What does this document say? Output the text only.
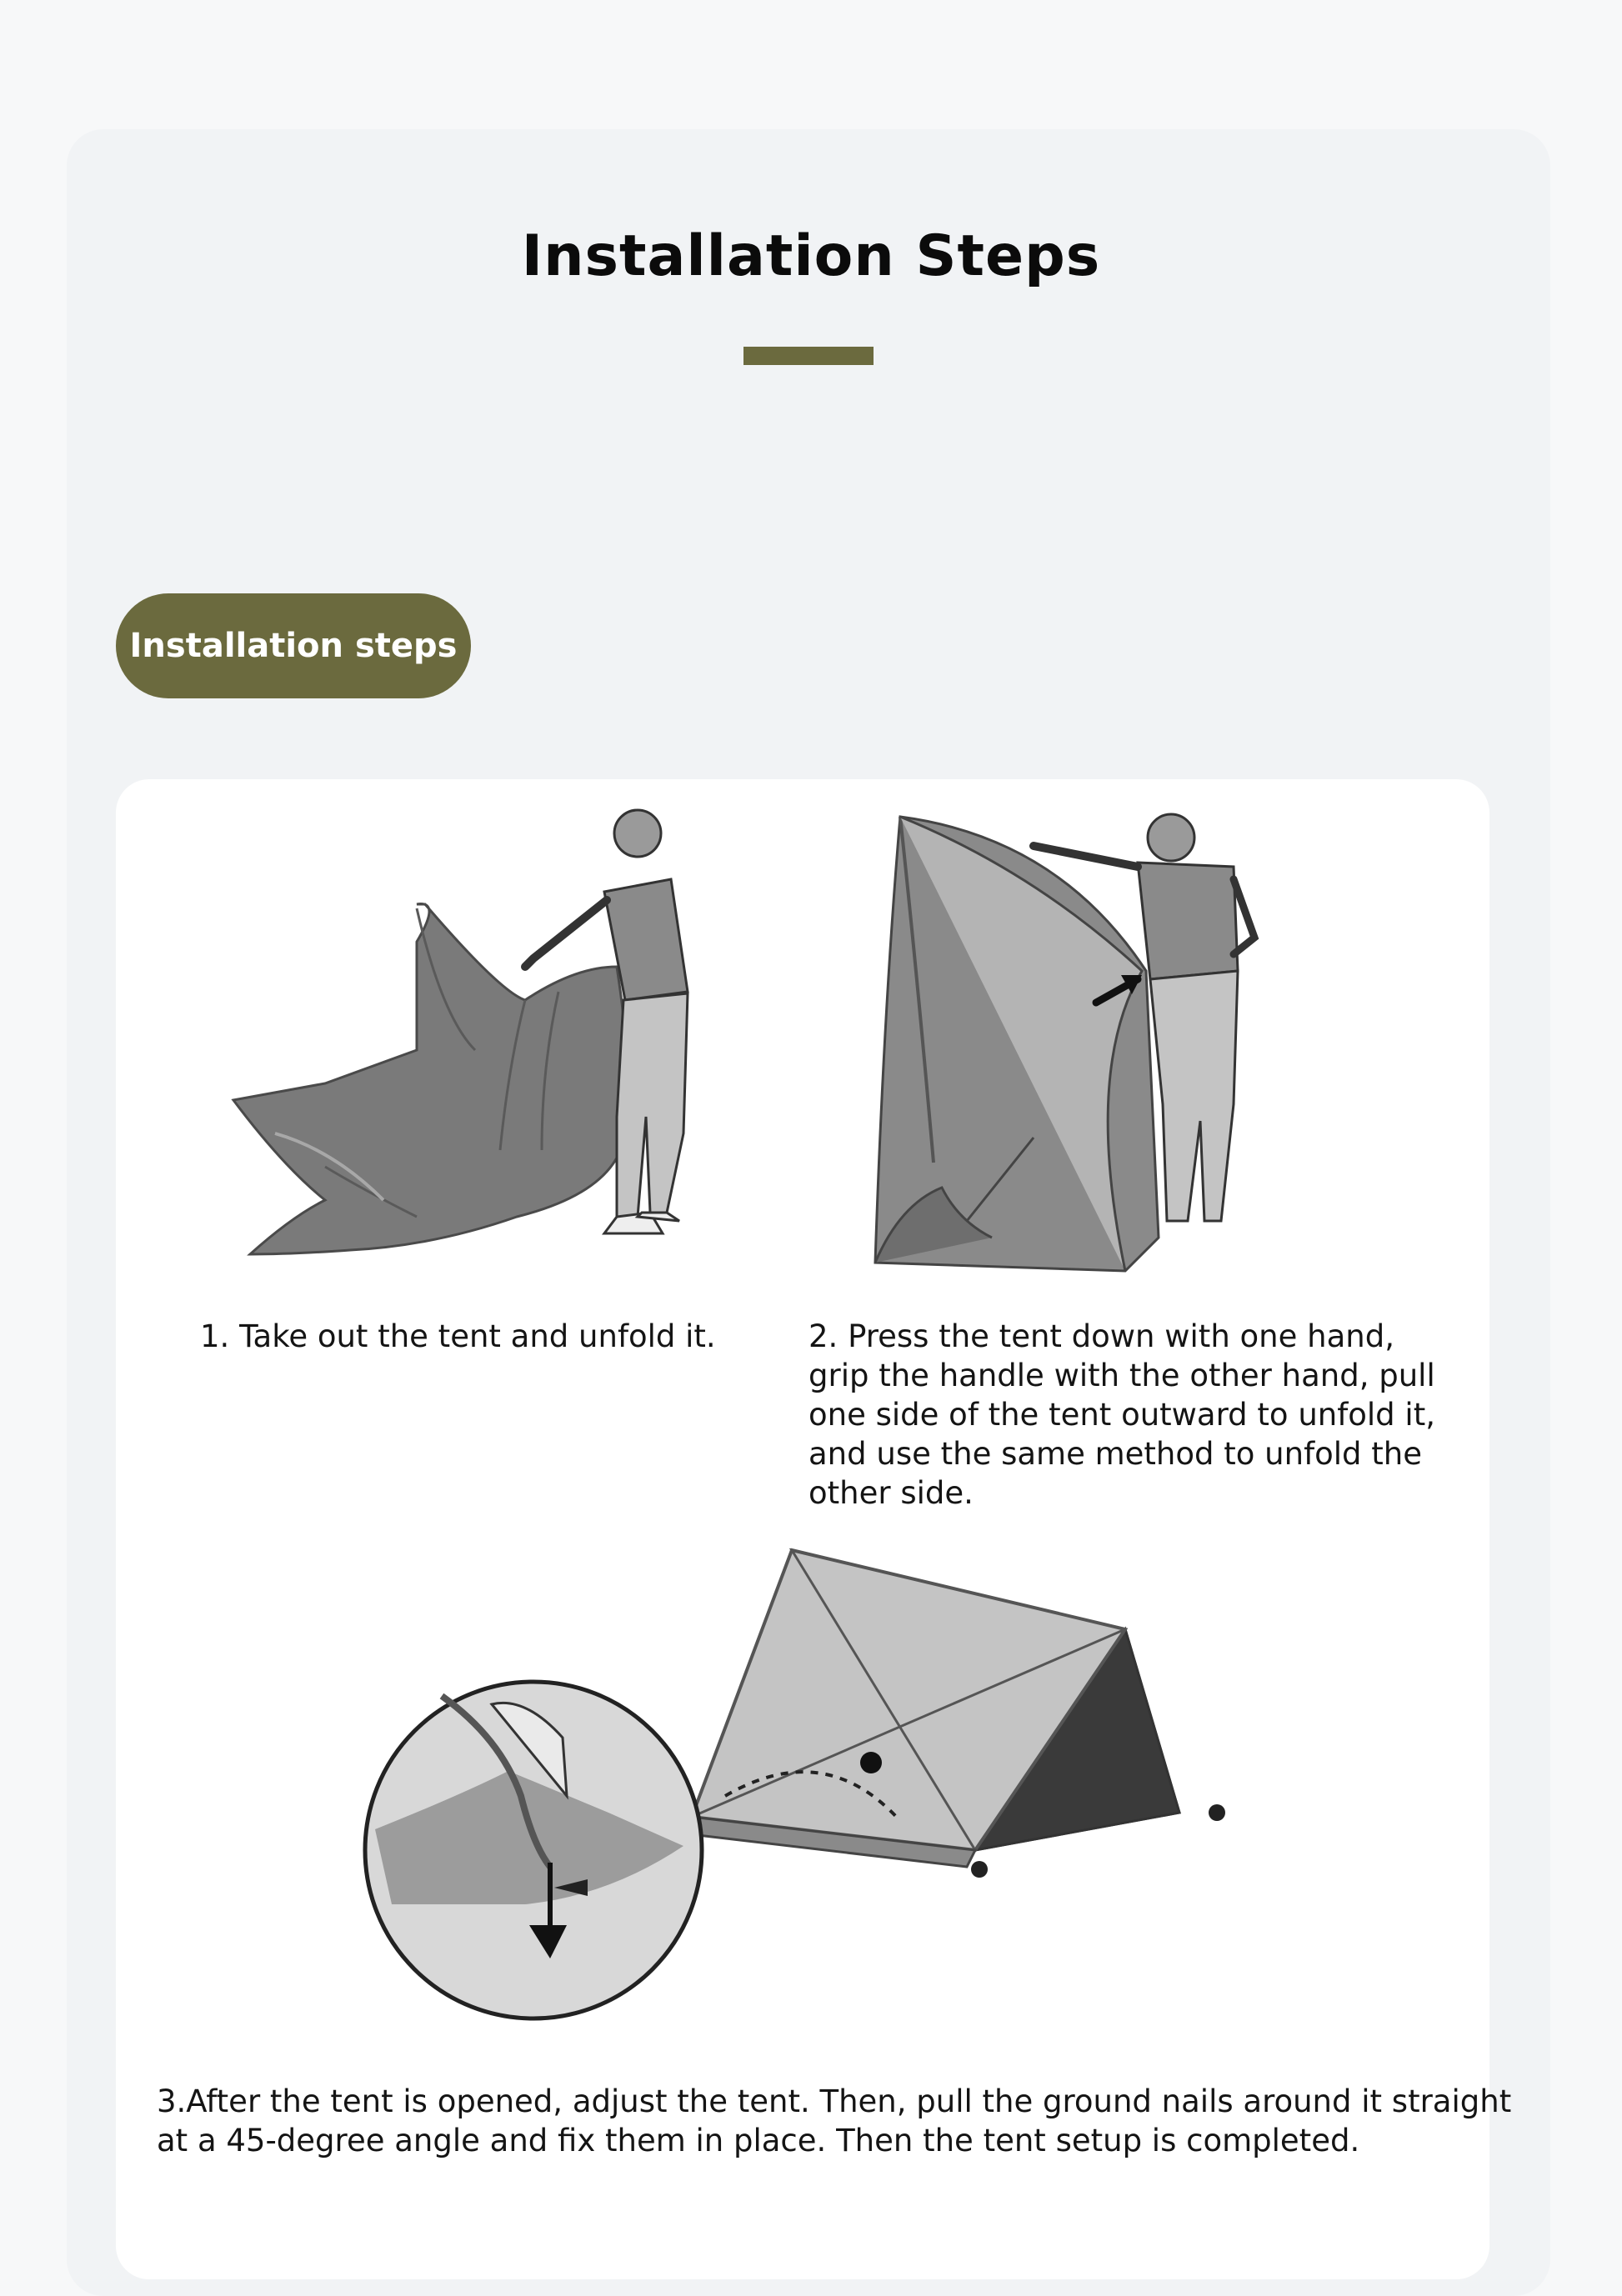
Installation Steps
Installation steps
1. Take out the tent and unfold it.	2. Press the tent down with one hand, grip the handle with the other hand, pull one side of the tent outward to unfold it, and use the same method to unfold the other side.
3.After the tent is opened, adjust the tent. Then, pull the ground nails around it straight at a 45-degree angle and fix them in place. Then the tent setup is completed.
